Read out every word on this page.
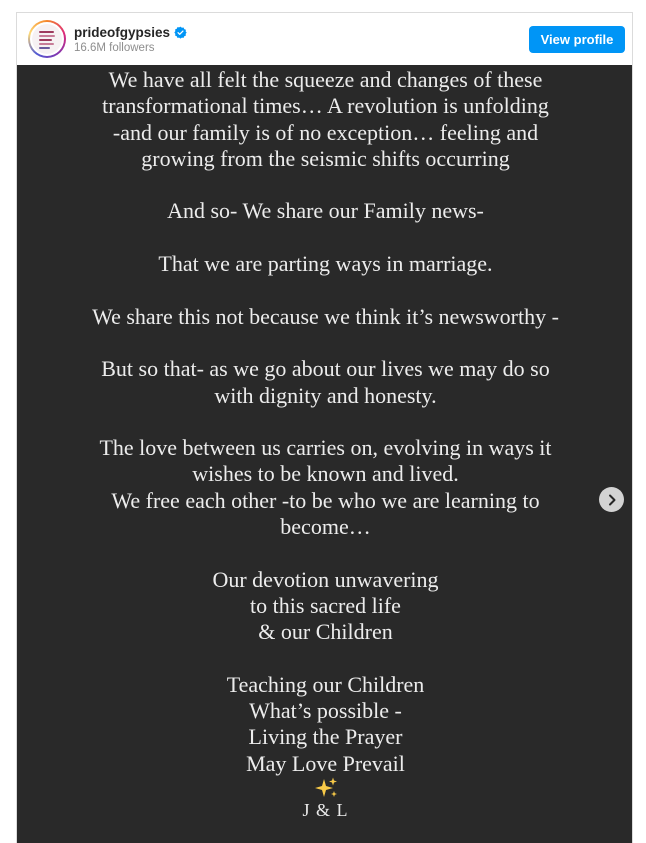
prideofgypsies
16.6M followers
View profile
We have all felt the squeeze and changes of these
transformational times… A revolution is unfolding
-and our family is of no exception… feeling and
growing from the seismic shifts occurring
And so- We share our Family news-
That we are parting ways in marriage.
We share this not because we think it’s newsworthy -
But so that- as we go about our lives we may do so
with dignity and honesty.
The love between us carries on, evolving in ways it
wishes to be known and lived.
We free each other -to be who we are learning to
become…
Our devotion unwavering
to this sacred life
& our Children
Teaching our Children
What’s possible -
Living the Prayer
May Love Prevail
J & L
